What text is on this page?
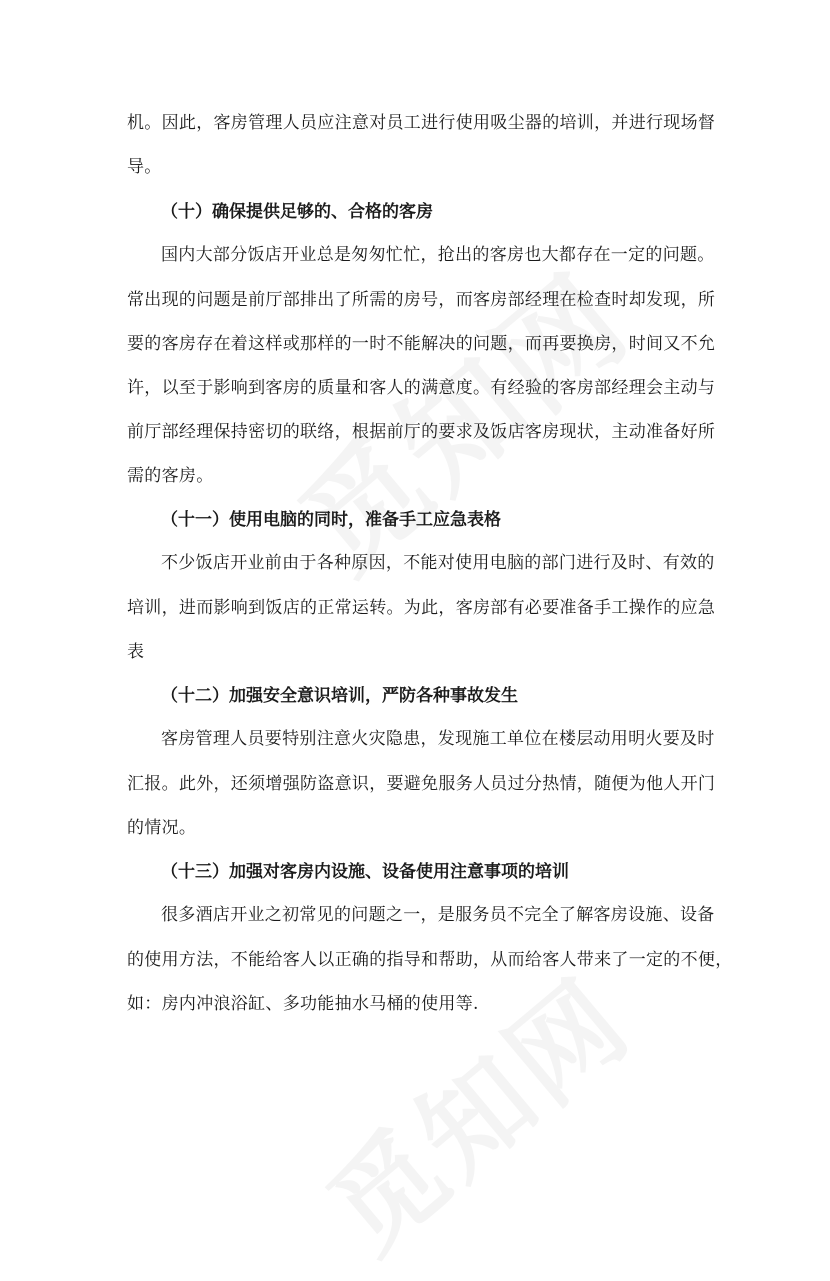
机。因此，客房管理人员应注意对员工进行使用吸尘器的培训，并进行现场督
导。
（十）确保提供足够的、合格的客房
国内大部分饭店开业总是匆匆忙忙，抢出的客房也大都存在一定的问题。
常出现的问题是前厅部排出了所需的房号，而客房部经理在检查时却发现，所
要的客房存在着这样或那样的一时不能解决的问题，而再要换房，时间又不允
许，以至于影响到客房的质量和客人的满意度。有经验的客房部经理会主动与
前厅部经理保持密切的联络，根据前厅的要求及饭店客房现状，主动准备好所
需的客房。
（十一）使用电脑的同时，准备手工应急表格
不少饭店开业前由于各种原因，不能对使用电脑的部门进行及时、有效的
培训，进而影响到饭店的正常运转。为此，客房部有必要准备手工操作的应急
表
（十二）加强安全意识培训，严防各种事故发生
客房管理人员要特别注意火灾隐患，发现施工单位在楼层动用明火要及时
汇报。此外，还须增强防盗意识，要避免服务人员过分热情，随便为他人开门
的情况。
（十三）加强对客房内设施、设备使用注意事项的培训
很多酒店开业之初常见的问题之一，是服务员不完全了解客房设施、设备
的使用方法，不能给客人以正确的指导和帮助，从而给客人带来了一定的不便，
如：房内冲浪浴缸、多功能抽水马桶的使用等.
